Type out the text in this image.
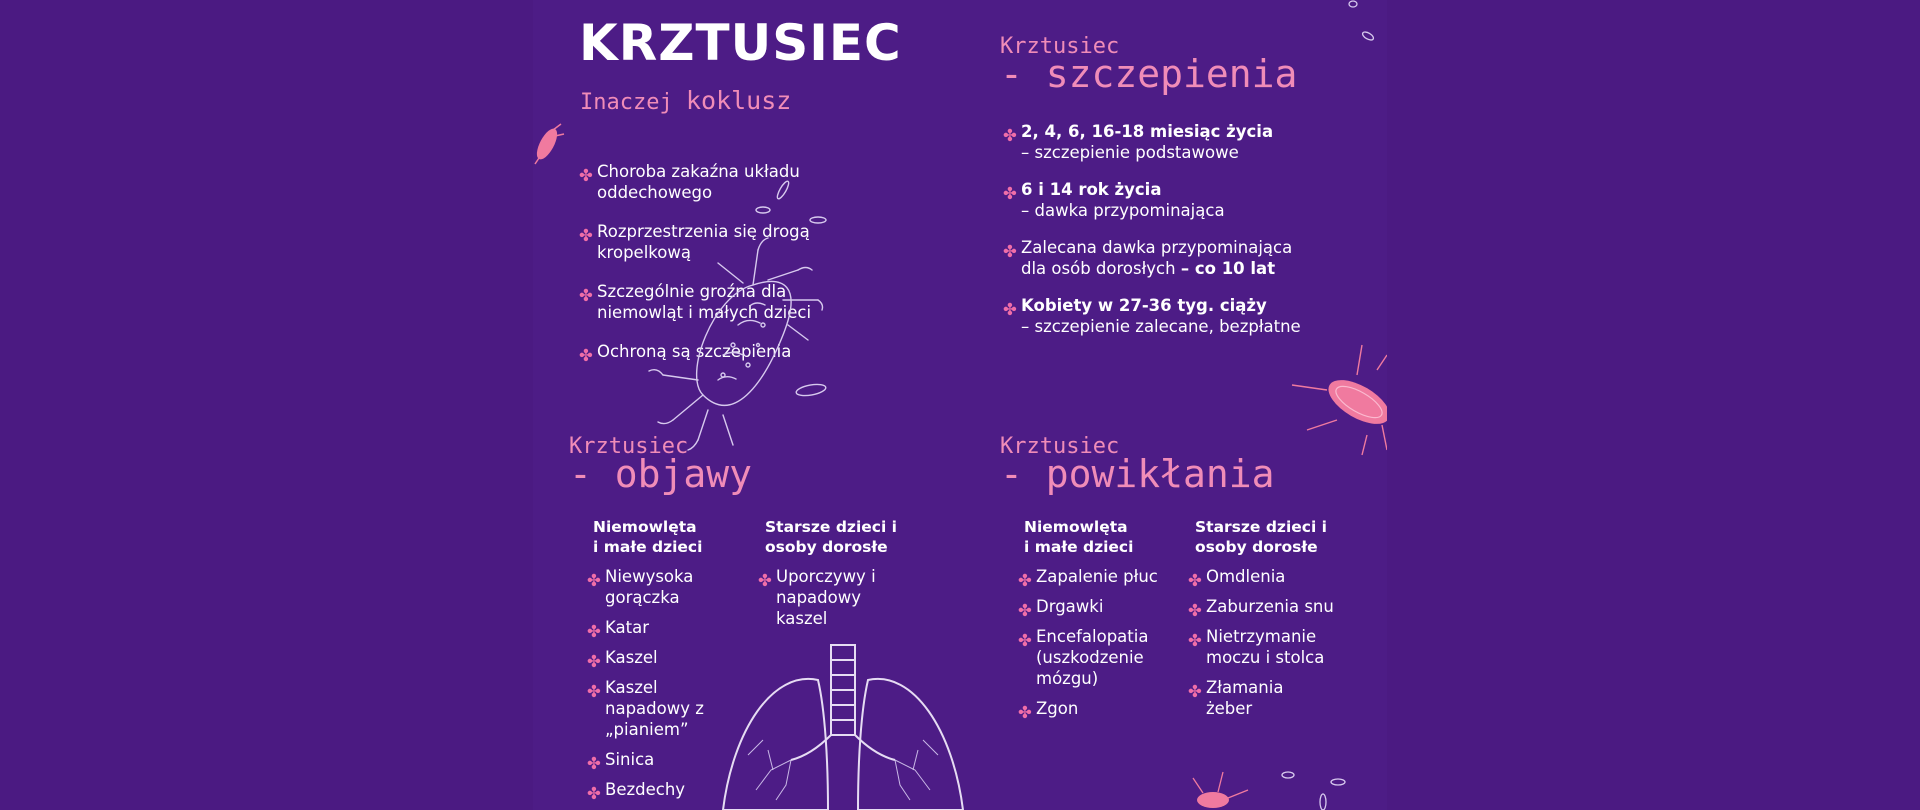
KRZTUSIEC
Inaczej koklusz
✤ Choroba zakaźna układu oddechowego
✤ Rozprzestrzenia się drogą kropelkową
✤ Szczególnie groźna dla niemowląt i małych dzieci
✤ Ochroną są szczepienia
Krztusiec
- szczepienia
✤ 2, 4, 6, 16-18 miesiąc życia
– szczepienie podstawowe
✤ 6 i 14 rok życia
– dawka przypominająca
✤ Zalecana dawka przypominająca dla osób dorosłych – co 10 lat
✤ Kobiety w 27-36 tyg. ciąży
– szczepienie zalecane, bezpłatne
Krztusiec
- objawy
Niemowlęta i małe dzieci
✤ Niewysoka gorączka
✤ Katar
✤ Kaszel
✤ Kaszel napadowy z „pianiem”
✤ Sinica
✤ Bezdechy
Starsze dzieci i osoby dorosłe
✤ Uporczywy i napadowy kaszel
Krztusiec
- powikłania
Niemowlęta i małe dzieci
✤ Zapalenie płuc
✤ Drgawki
✤ Encefalopatia (uszkodzenie mózgu)
✤ Zgon
Starsze dzieci i osoby dorosłe
✤ Omdlenia
✤ Zaburzenia snu
✤ Nietrzymanie moczu i stolca
✤ Złamania żeber
